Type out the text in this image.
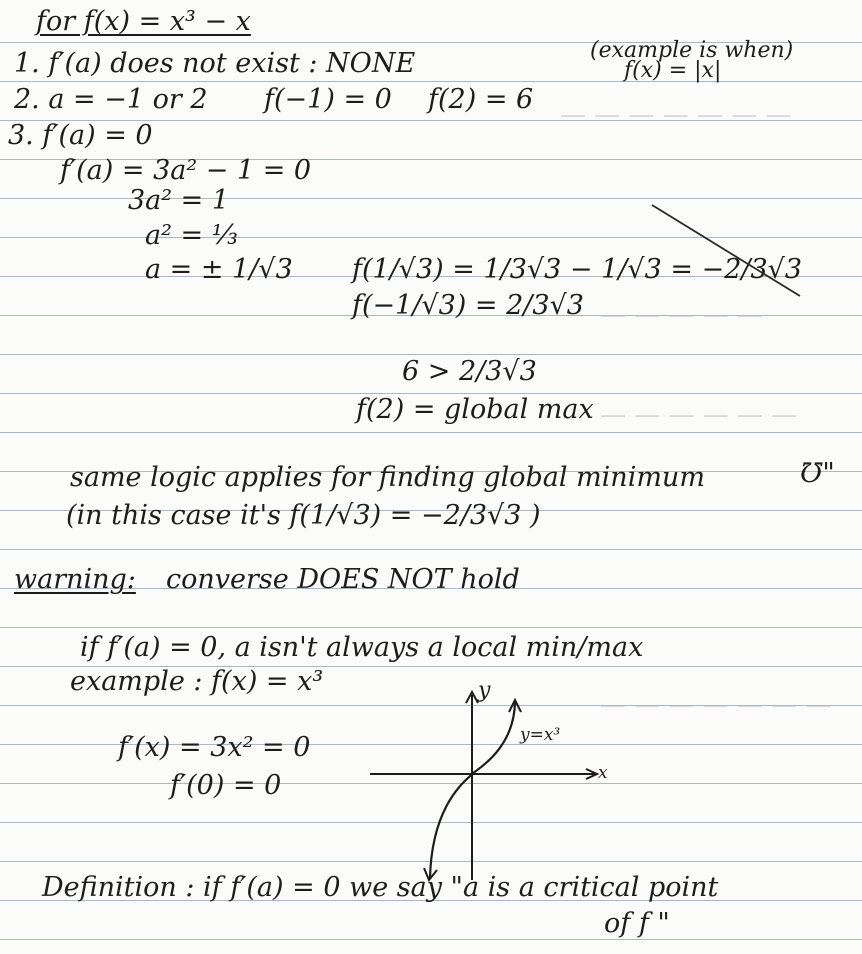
— — — — — — —
— — — — —
— — — — — —
— — — — — — —
for f(x) = x³ − x
1. f′(a) does not exist : NONE	(example is when)
f(x) = |x|
2. a = −1 or 2 f(−1) = 0 f(2) = 6
3. f′(a) = 0
f′(a) = 3a² − 1 = 0
3a² = 1
a² = ⅓
a = ± 1/√3 f(1/√3) = 1/3√3 − 1/√3 = −2/3√3
f(−1/√3) = 2/3√3
6 > 2/3√3
f(2) = global max
same logic applies for finding global minimum	℧"
(in this case it's f(1/√3) = −2/3√3 )
warning: converse DOES NOT hold
if f′(a) = 0, a isn't always a local min/max
example : f(x) = x³
f′(x) = 3x² = 0
f′(0) = 0
y
x
y=x³
Definition : if f′(a) = 0 we say "a is a critical point
of f "
